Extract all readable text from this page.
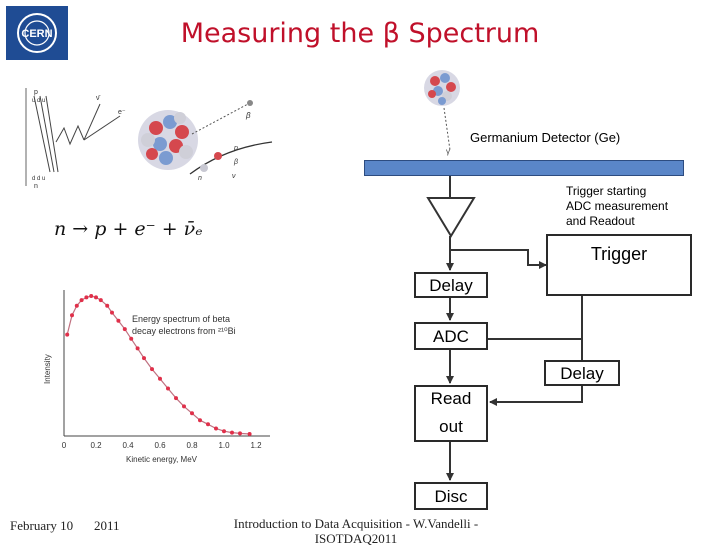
CERN	Measuring the β Spectrum
p
u d u	ν̄
e⁻
d d u
n
β
p
β
n	ν
n → p + e⁻ + ν̄ₑ
Energy spectrum of beta
decay electrons from ²¹⁰Bi
Intensity
Kinetic energy, MeV
0	0.2	0.4	0.6	0.8	1.0	1.2
γ
Germanium Detector (Ge)
Trigger starting
ADC measurement
and Readout
Trigger
Delay
ADC
Delay
Read
out
Disc
February 10 2011	Introduction to Data Acquisition - W.Vandelli -
ISOTDAQ2011
